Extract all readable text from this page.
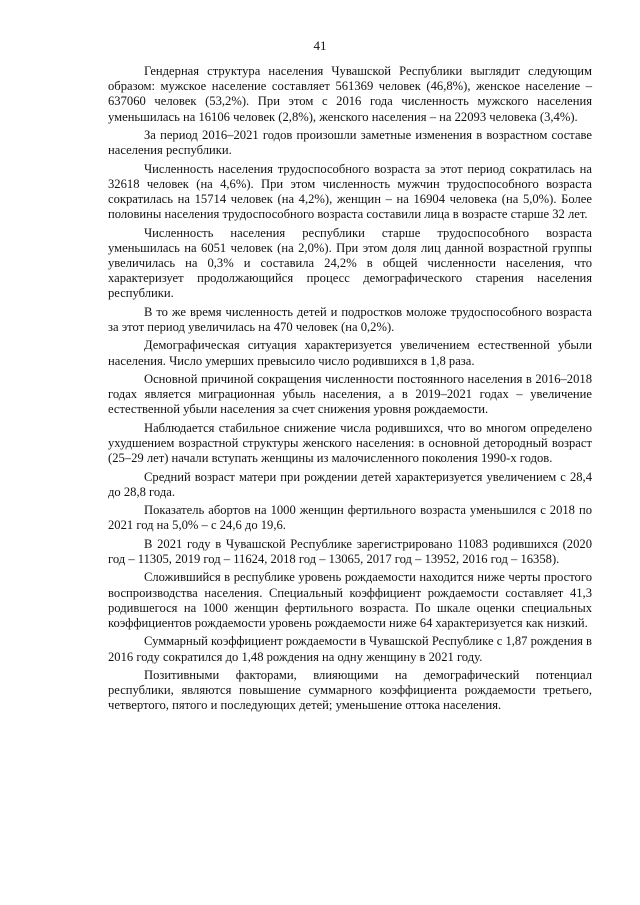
41

Гендерная структура населения Чувашской Республики выглядит следующим образом: мужское население составляет 561369 человек (46,8%), женское население – 637060 человек (53,2%). При этом с 2016 года численность мужского населения уменьшилась на 16106 человек (2,8%), женского населения – на 22093 человека (3,4%).

За период 2016–2021 годов произошли заметные изменения в возрастном составе населения республики.

Численность населения трудоспособного возраста за этот период сократилась на 32618 человек (на 4,6%). При этом численность мужчин трудоспособного возраста сократилась на 15714 человек (на 4,2%), женщин – на 16904 человека (на 5,0%). Более половины населения трудоспособного возраста составили лица в возрасте старше 32 лет.

Численность населения республики старше трудоспособного возраста уменьшилась на 6051 человек (на 2,0%). При этом доля лиц данной возрастной группы увеличилась на 0,3% и составила 24,2% в общей численности населения, что характеризует продолжающийся процесс демографического старения населения республики.

В то же время численность детей и подростков моложе трудоспособного возраста за этот период увеличилась на 470 человек (на 0,2%).

Демографическая ситуация характеризуется увеличением естественной убыли населения. Число умерших превысило число родившихся в 1,8 раза.

Основной причиной сокращения численности постоянного населения в 2016–2018 годах является миграционная убыль населения, а в 2019–2021 годах – увеличение естественной убыли населения за счет снижения уровня рождаемости.

Наблюдается стабильное снижение числа родившихся, что во многом определено ухудшением возрастной структуры женского населения: в основной детородный возраст (25–29 лет) начали вступать женщины из малочисленного поколения 1990-х годов.

Средний возраст матери при рождении детей характеризуется увеличением с 28,4 до 28,8 года.

Показатель абортов на 1000 женщин фертильного возраста уменьшился с 2018 по 2021 год на 5,0% – с 24,6 до 19,6.

В 2021 году в Чувашской Республике зарегистрировано 11083 родившихся (2020 год – 11305, 2019 год – 11624, 2018 год – 13065, 2017 год – 13952, 2016 год – 16358).

Сложившийся в республике уровень рождаемости находится ниже черты простого воспроизводства населения. Специальный коэффициент рождаемости составляет 41,3 родившегося на 1000 женщин фертильного возраста. По шкале оценки специальных коэффициентов рождаемости уровень рождаемости ниже 64 характеризуется как низкий.

Суммарный коэффициент рождаемости в Чувашской Республике с 1,87 рождения в 2016 году сократился до 1,48 рождения на одну женщину в 2021 году.

Позитивными факторами, влияющими на демографический потенциал республики, являются повышение суммарного коэффициента рождаемости третьего, четвертого, пятого и последующих детей; уменьшение оттока населения.
